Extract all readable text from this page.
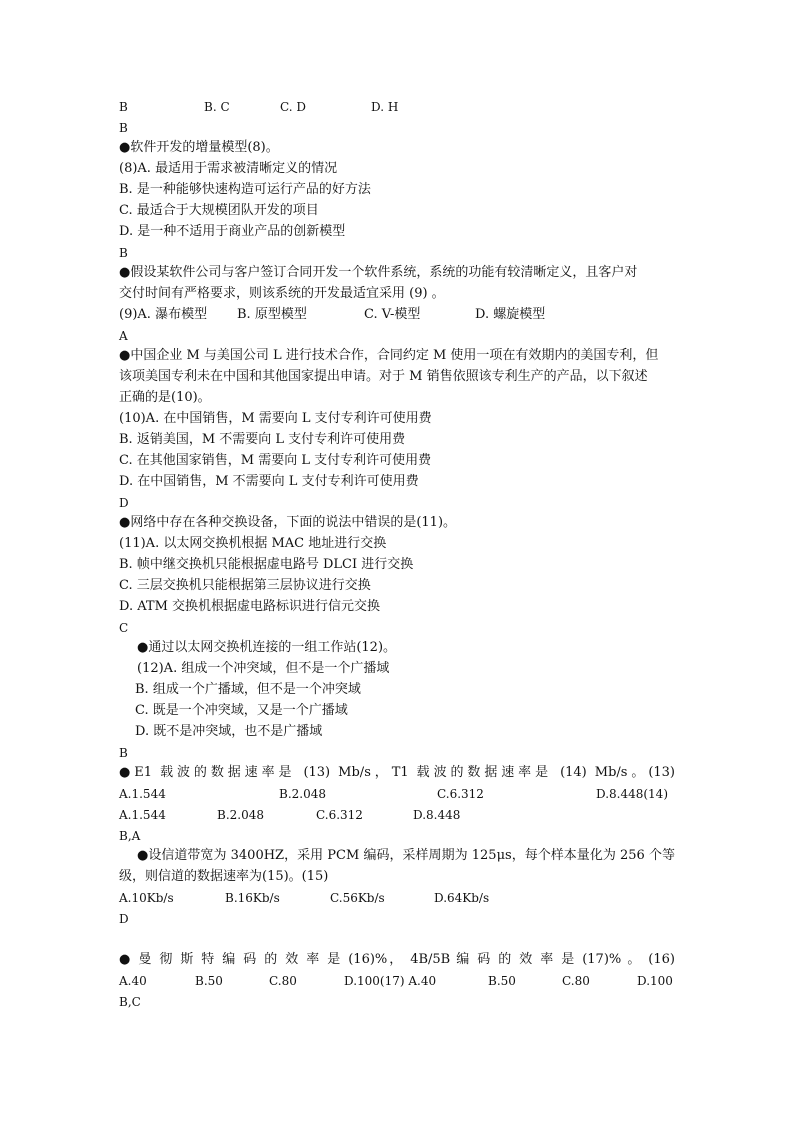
B

	B. C

	C. D

	D. H

B
●软件开发的增量模型(8)。
(8)A. 最适用于需求被清晰定义的情况
B. 是一种能够快速构造可运行产品的好方法
C. 最适合于大规模团队开发的项目
D. 是一种不适用于商业产品的创新模型
B
●假设某软件公司与客户签订合同开发一个软件系统，系统的功能有较清晰定义，且客户对
交付时间有严格要求，则该系统的开发最适宜采用 (9) 。

(9)A. 瀑布模型

B. 原型模型

	C. V-模型

	D. 螺旋模型

A
●中国企业 M 与美国公司 L 进行技术合作，合同约定 M 使用一项在有效期内的美国专利，但
该项美国专利未在中国和其他国家提出申请。对于 M 销售依照该专利生产的产品，以下叙述
正确的是(10)。
(10)A. 在中国销售，M 需要向 L 支付专利许可使用费
B. 返销美国，M 不需要向 L 支付专利许可使用费
C. 在其他国家销售，M 需要向 L 支付专利许可使用费
D. 在中国销售，M 不需要向 L 支付专利许可使用费
D
●网络中存在各种交换设备，下面的说法中错误的是(11)。
(11)A. 以太网交换机根据 MAC 地址进行交换
B. 帧中继交换机只能根据虚电路号 DLCI 进行交换
C. 三层交换机只能根据第三层协议进行交换
D. ATM 交换机根据虚电路标识进行信元交换
C
●通过以太网交换机连接的一组工作站(12)。
(12)A. 组成一个冲突域，但不是一个广播域
B. 组成一个广播域，但不是一个冲突域
C. 既是一个冲突域，又是一个广播域
D. 既不是冲突域，也不是广播域
B
●E1 载波的数据速率是 (13) Mb/s，T1 载波的数据速率是 (14) Mb/s。(13)

A.1.544

	B.2.048

	C.6.312

	D.8.448(14)

A.1.544

	B.2.048

	C.6.312

	D.8.448

B,A
●设信道带宽为 3400HZ，采用 PCM 编码，采样周期为 125μs，每个样本量化为 256 个等
级，则信道的数据速率为(15)。(15)

A.10Kb/s

	B.16Kb/s

	C.56Kb/s

	D.64Kb/s

D
● 曼 彻 斯 特 编 码 的 效 率 是 (16)%， 4B/5B 编 码 的 效 率 是 (17)% 。 (16)

A.40

	B.50

	C.80

	D.100(17) A.40

	B.50

	C.80

	D.100

B,C
